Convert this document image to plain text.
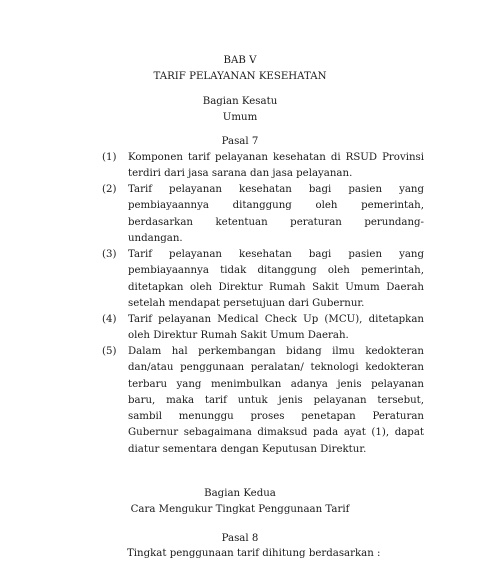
BAB V
TARIF PELAYANAN KESEHATAN
Bagian Kesatu
Umum
Pasal 7
(1)	Komponen tarif pelayanan kesehatan di RSUD Provinsi
terdiri dari jasa sarana dan jasa pelayanan.
(2)	Tarif pelayanan kesehatan bagi pasien yang
pembiayaannya ditanggung oleh pemerintah,
berdasarkan ketentuan peraturan perundang-
undangan.
(3)	Tarif pelayanan kesehatan bagi pasien yang
pembiayaannya tidak ditanggung oleh pemerintah,
ditetapkan oleh Direktur Rumah Sakit Umum Daerah
setelah mendapat persetujuan dari Gubernur.
(4)	Tarif pelayanan Medical Check Up (MCU), ditetapkan
oleh Direktur Rumah Sakit Umum Daerah.
(5)	Dalam hal perkembangan bidang ilmu kedokteran
dan/atau penggunaan peralatan/ teknologi kedokteran
terbaru yang menimbulkan adanya jenis pelayanan
baru, maka tarif untuk jenis pelayanan tersebut,
sambil menunggu proses penetapan Peraturan
Gubernur sebagaimana dimaksud pada ayat (1), dapat
diatur sementara dengan Keputusan Direktur.
Bagian Kedua
Cara Mengukur Tingkat Penggunaan Tarif
Pasal 8
Tingkat penggunaan tarif dihitung berdasarkan :
